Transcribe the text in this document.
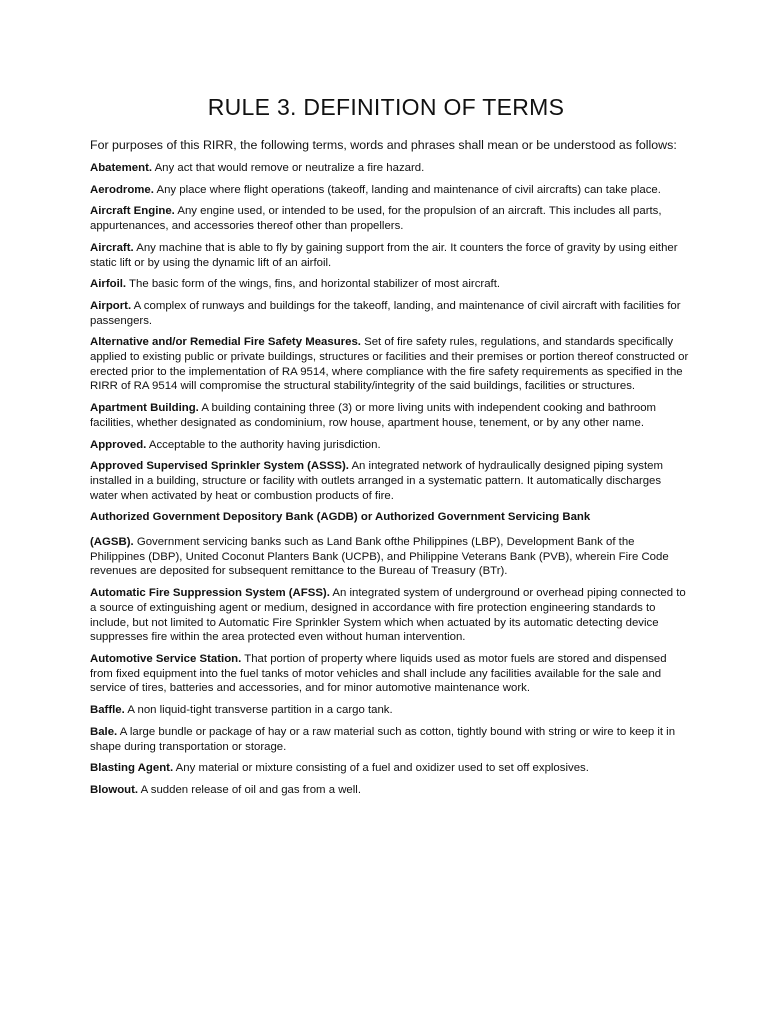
RULE 3. DEFINITION OF TERMS

For purposes of this RIRR, the following terms, words and phrases shall mean or be understood as follows:

Abatement. Any act that would remove or neutralize a fire hazard.

Aerodrome. Any place where flight operations (takeoff, landing and maintenance of civil aircrafts) can take place.

Aircraft Engine. Any engine used, or intended to be used, for the propulsion of an aircraft. This includes all parts, appurtenances, and accessories thereof other than propellers.

Aircraft. Any machine that is able to fly by gaining support from the air. It counters the force of gravity by using either static lift or by using the dynamic lift of an airfoil.

Airfoil. The basic form of the wings, fins, and horizontal stabilizer of most aircraft.

Airport. A complex of runways and buildings for the takeoff, landing, and maintenance of civil aircraft with facilities for passengers.

Alternative and/or Remedial Fire Safety Measures. Set of fire safety rules, regulations, and standards specifically applied to existing public or private buildings, structures or facilities and their premises or portion thereof constructed or erected prior to the implementation of RA 9514, where compliance with the fire safety requirements as specified in the RIRR of RA 9514 will compromise the structural stability/integrity of the said buildings, facilities or structures.

Apartment Building. A building containing three (3) or more living units with independent cooking and bathroom facilities, whether designated as condominium, row house, apartment house, tenement, or by any other name.

Approved. Acceptable to the authority having jurisdiction.

Approved Supervised Sprinkler System (ASSS). An integrated network of hydraulically designed piping system installed in a building, structure or facility with outlets arranged in a systematic pattern. It automatically discharges water when activated by heat or combustion products of fire.

Authorized Government Depository Bank (AGDB) or Authorized Government Servicing Bank

(AGSB). Government servicing banks such as Land Bank ofthe Philippines (LBP), Development Bank of the Philippines (DBP), United Coconut Planters Bank (UCPB), and Philippine Veterans Bank (PVB), wherein Fire Code revenues are deposited for subsequent remittance to the Bureau of Treasury (BTr).

Automatic Fire Suppression System (AFSS). An integrated system of underground or overhead piping connected to a source of extinguishing agent or medium, designed in accordance with fire protection engineering standards to include, but not limited to Automatic Fire Sprinkler System which when actuated by its automatic detecting device suppresses fire within the area protected even without human intervention.

Automotive Service Station. That portion of property where liquids used as motor fuels are stored and dispensed from fixed equipment into the fuel tanks of motor vehicles and shall include any facilities available for the sale and service of tires, batteries and accessories, and for minor automotive maintenance work.

Baffle. A non liquid-tight transverse partition in a cargo tank.

Bale. A large bundle or package of hay or a raw material such as cotton, tightly bound with string or wire to keep it in shape during transportation or storage.

Blasting Agent. Any material or mixture consisting of a fuel and oxidizer used to set off explosives.

Blowout. A sudden release of oil and gas from a well.
